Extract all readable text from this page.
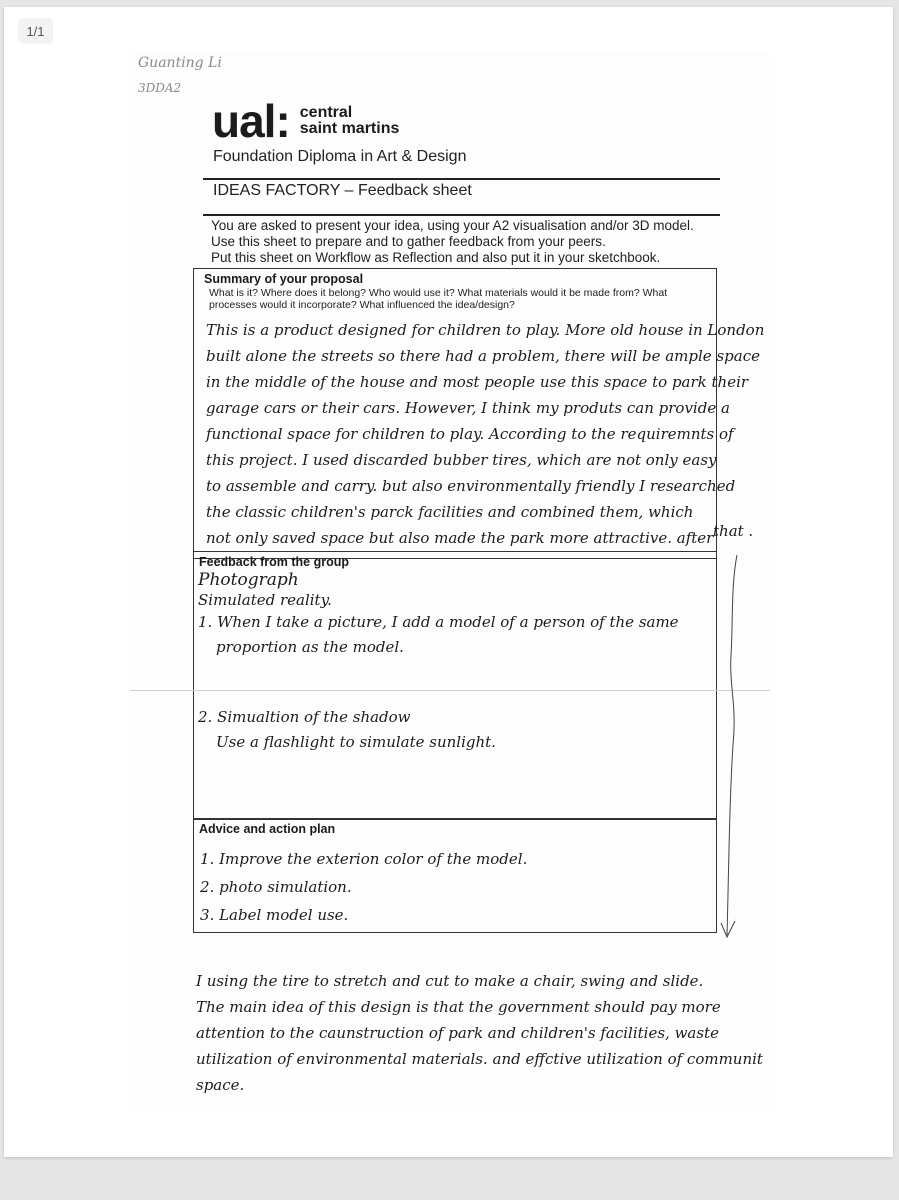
1/1
Guanting Li
3DDA2
ual: central
saint martins
Foundation Diploma in Art & Design
IDEAS FACTORY – Feedback sheet
You are asked to present your idea, using your A2 visualisation and/or 3D model.
Use this sheet to prepare and to gather feedback from your peers.
Put this sheet on Workflow as Reflection and also put it in your sketchbook.
Summary of your proposal
What is it? Where does it belong? Who would use it? What materials would it be made from? What processes would it incorporate? What influenced the idea/design?
This is a product designed for children to play. More old house in London
built alone the streets so there had a problem, there will be ample space
in the middle of the house and most people use this space to park their
garage cars or their cars. However, I think my produts can provide a
functional space for children to play. According to the requiremnts of
this project. I used discarded bubber tires, which are not only easy
to assemble and carry. but also environmentally friendly I researched
the classic children's parck facilities and combined them, which
not only saved space but also made the park more attractive. after that .
Feedback from the group
Photograph
Simulated reality.
1. When I take a picture, I add a model of a person of the same
proportion as the model.
2. Simualtion of the shadow
Use a flashlight to simulate sunlight.
Advice and action plan
1. Improve the exterion color of the model.
2. photo simulation.
3. Label model use.
I using the tire to stretch and cut to make a chair, swing and slide.
The main idea of this design is that the government should pay more
attention to the caunstruction of park and children's facilities, waste
utilization of environmental materials. and effctive utilization of communit
space.
